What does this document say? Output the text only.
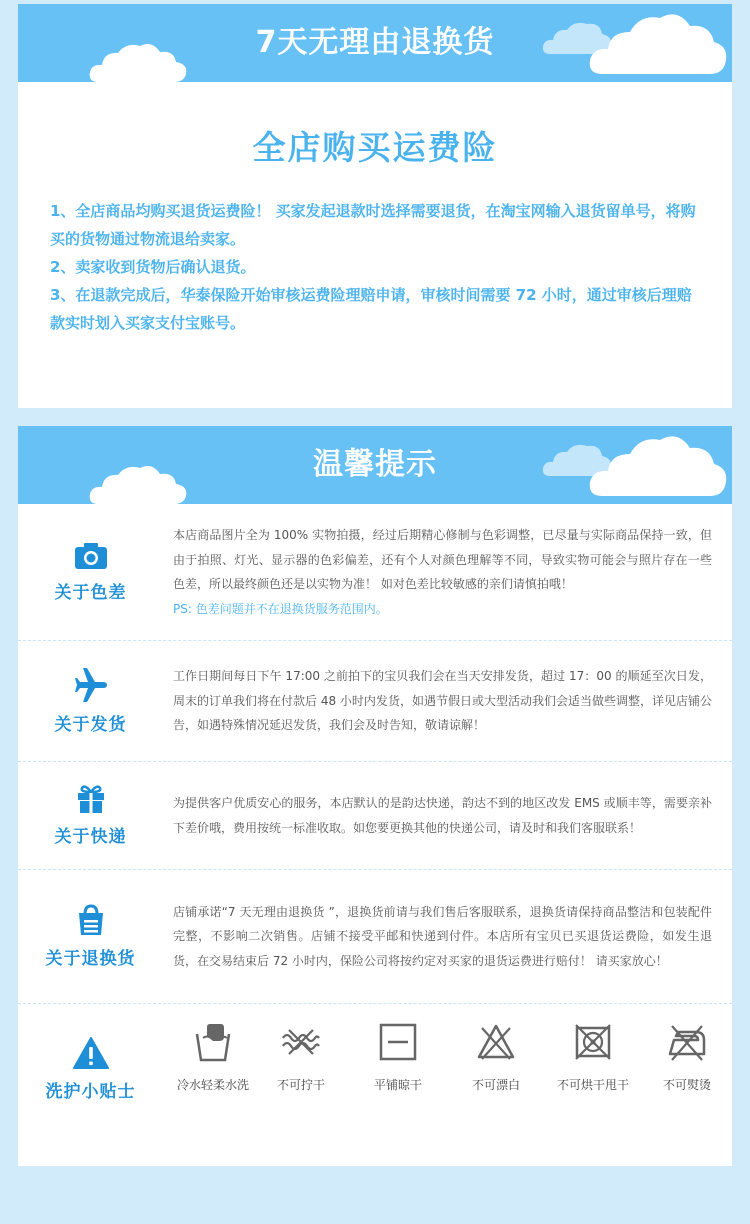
7天无理由退换货
全店购买运费险

1、全店商品均购买退货运费险！ 买家发起退款时选择需要退货，在淘宝网输入退货留单号，将购买的货物通过物流退给卖家。

2、卖家收到货物后确认退货。

3、在退款完成后，华泰保险开始审核运费险理赔申请，审核时间需要 72 小时，通过审核后理赔款实时划入买家支付宝账号。

温馨提示
关于色差
本店商品图片全为 100% 实物拍摄，经过后期精心修制与色彩调整，已尽量与实际商品保持一致，但由于拍照、灯光、显示器的色彩偏差，还有个人对颜色理解等不同，导致实物可能会与照片存在一些色差，所以最终颜色还是以实物为准！ 如对色差比较敏感的亲们请慎拍哦！
PS: 色差问题并不在退换货服务范围内。
关于发货
工作日期间每日下午 17:00 之前拍下的宝贝我们会在当天安排发货，超过 17：00 的顺延至次日发，周末的订单我们将在付款后 48 小时内发货，如遇节假日或大型活动我们会适当做些调整，详见店铺公告，如遇特殊情况延迟发货，我们会及时告知，敬请谅解！
关于快递
为提供客户优质安心的服务，本店默认的是韵达快递，韵达不到的地区改发 EMS 或顺丰等，需要亲补下差价哦，费用按统一标准收取。如您要更换其他的快递公司，请及时和我们客服联系！
关于退换货
店铺承诺“7 天无理由退换货 ”，退换货前请与我们售后客服联系，退换货请保持商品整洁和包装配件完整，不影响二次销售。店铺不接受平邮和快递到付件。本店所有宝贝已买退货运费险，如发生退货，在交易结束后 72 小时内，保险公司将按约定对买家的退货运费进行赔付！ 请买家放心！
洗护小贴士	冷水轻柔水洗 不可拧干	平铺晾干	不可漂白	不可烘干甩干	不可熨烫
